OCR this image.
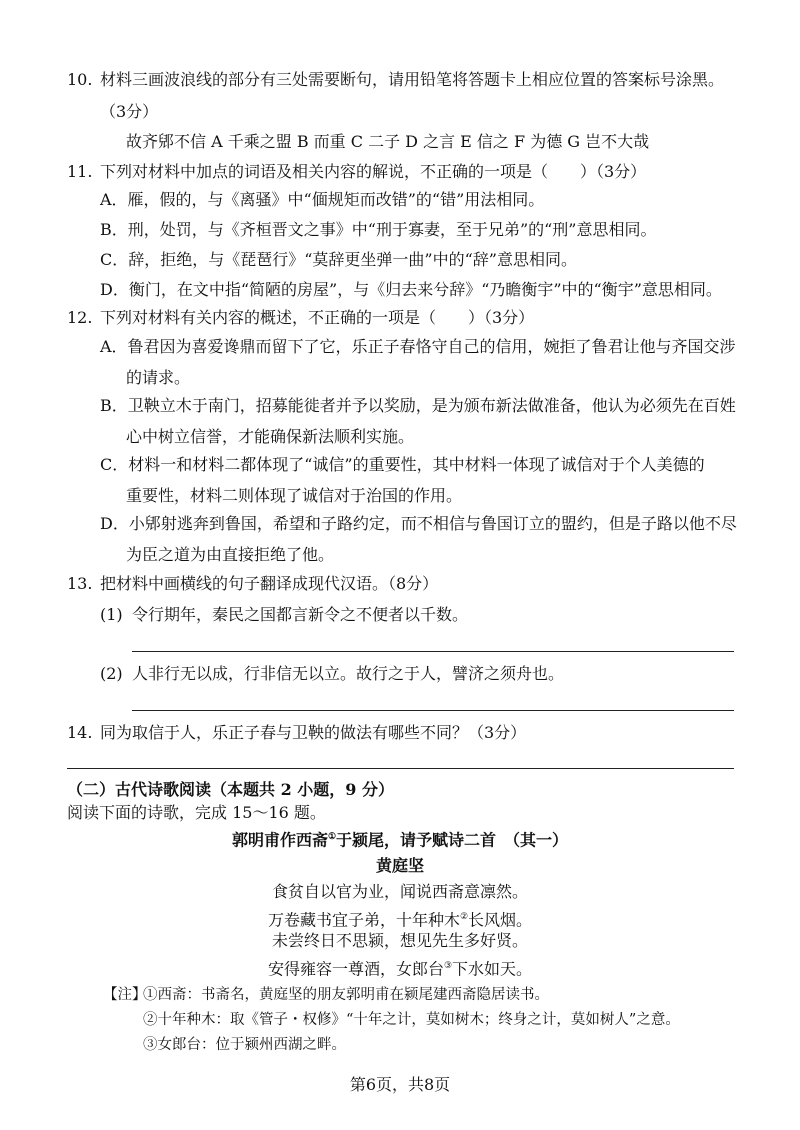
10. 材料三画波浪线的部分有三处需要断句，请用铅笔将答题卡上相应位置的答案标号涂黑。
（3分）
故齐郳不信 A 千乘之盟 B 而重 C 二子 D 之言 E 信之 F 为德 G 岂不大哉
11. 下列对材料中加点的词语及相关内容的解说，不正确的一项是（　　）（3分）
A．雁，假的，与《离骚》中“偭规矩而改错”的“错”用法相同。
B．刑，处罚，与《齐桓晋文之事》中“刑于寡妻，至于兄弟”的“刑”意思相同。
C．辞，拒绝，与《琵琶行》“莫辞更坐弹一曲”中的“辞”意思相同。
D．衡门，在文中指“简陋的房屋”，与《归去来兮辞》“乃瞻衡宇”中的“衡宇”意思相同。
12. 下列对材料有关内容的概述，不正确的一项是（　　）（3分）
A．鲁君因为喜爱谗鼎而留下了它，乐正子春恪守自己的信用，婉拒了鲁君让他与齐国交涉
的请求。
B．卫鞅立木于南门，招募能徙者并予以奖励，是为颁布新法做准备，他认为必须先在百姓
心中树立信誉，才能确保新法顺利实施。
C．材料一和材料二都体现了“诚信”的重要性，其中材料一体现了诚信对于个人美德的
重要性，材料二则体现了诚信对于治国的作用。
D．小郳射逃奔到鲁国，希望和子路约定，而不相信与鲁国订立的盟约，但是子路以他不尽
为臣之道为由直接拒绝了他。
13. 把材料中画横线的句子翻译成现代汉语。（8分）
(1) 令行期年，秦民之国都言新令之不便者以千数。
(2) 人非行无以成，行非信无以立。故行之于人，譬济之须舟也。
14. 同为取信于人，乐正子春与卫鞅的做法有哪些不同？（3分）
（二）古代诗歌阅读（本题共 2 小题，9 分）
阅读下面的诗歌，完成 15～16 题。
郭明甫作西斋①于颍尾，请予赋诗二首　（其一）
黄庭坚
食贫自以官为业，闻说西斋意凛然。
万卷藏书宜子弟，十年种木②长风烟。
未尝终日不思颍，想见先生多好贤。
安得雍容一尊酒，女郎台③下水如天。
【注】
①西斋：书斋名，黄庭坚的朋友郭明甫在颍尾建西斋隐居读书。
②十年种木：取《管子・权修》“十年之计，莫如树木；终身之计，莫如树人”之意。
③女郎台：位于颍州西湖之畔。
第6页，共8页
